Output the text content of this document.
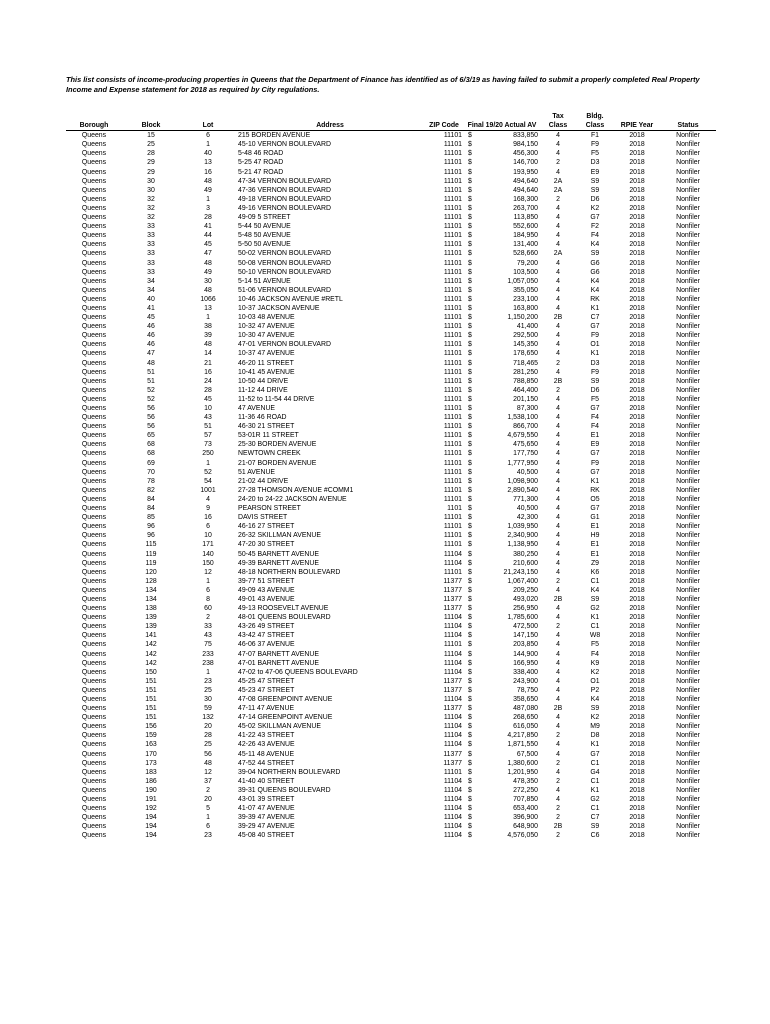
This list consists of income-producing properties in Queens that the Department of Finance has identified as of 6/3/19 as having failed to submit a properly completed Real Property Income and Expense statement for 2018 as required by City regulations.
							Tax	Bldg.		
Borough	Block	Lot	Address	ZIP Code	Final 19/20 Actual AV		Class	Class	RPIE Year	Status
Queens	15	6	215 BORDEN AVENUE	11101	$	833,850	4	F1	2018	Nonfiler
Queens	25	1	45-10 VERNON BOULEVARD	11101	$	984,150	4	F9	2018	Nonfiler
Queens	28	40	5-48 46 ROAD	11101	$	456,300	4	F5	2018	Nonfiler
Queens	29	13	5-25 47 ROAD	11101	$	146,700	2	D3	2018	Nonfiler
Queens	29	16	5-21 47 ROAD	11101	$	193,950	4	E9	2018	Nonfiler
Queens	30	48	47-34 VERNON BOULEVARD	11101	$	494,640	2A	S9	2018	Nonfiler
Queens	30	49	47-36 VERNON BOULEVARD	11101	$	494,640	2A	S9	2018	Nonfiler
Queens	32	1	49-18 VERNON BOULEVARD	11101	$	168,300	2	D6	2018	Nonfiler
Queens	32	3	49-16 VERNON BOULEVARD	11101	$	263,700	4	K2	2018	Nonfiler
Queens	32	28	49-09 5 STREET	11101	$	113,850	4	G7	2018	Nonfiler
Queens	33	41	5-44 50 AVENUE	11101	$	552,600	4	F2	2018	Nonfiler
Queens	33	44	5-48 50 AVENUE	11101	$	184,950	4	F4	2018	Nonfiler
Queens	33	45	5-50 50 AVENUE	11101	$	131,400	4	K4	2018	Nonfiler
Queens	33	47	50-02 VERNON BOULEVARD	11101	$	528,660	2A	S9	2018	Nonfiler
Queens	33	48	50-08 VERNON BOULEVARD	11101	$	79,200	4	G6	2018	Nonfiler
Queens	33	49	50-10 VERNON BOULEVARD	11101	$	103,500	4	G6	2018	Nonfiler
Queens	34	30	5-14 51 AVENUE	11101	$	1,057,050	4	K4	2018	Nonfiler
Queens	34	48	51-06 VERNON BOULEVARD	11101	$	355,050	4	K4	2018	Nonfiler
Queens	40	1066	10-46 JACKSON AVENUE #RETL	11101	$	233,100	4	RK	2018	Nonfiler
Queens	41	13	10-37 JACKSON AVENUE	11101	$	163,800	4	K1	2018	Nonfiler
Queens	45	1	10-03 48 AVENUE	11101	$	1,150,200	2B	C7	2018	Nonfiler
Queens	46	38	10-32 47 AVENUE	11101	$	41,400	4	G7	2018	Nonfiler
Queens	46	39	10-30 47 AVENUE	11101	$	292,500	4	F9	2018	Nonfiler
Queens	46	48	47-01 VERNON BOULEVARD	11101	$	145,350	4	O1	2018	Nonfiler
Queens	47	14	10-37 47 AVENUE	11101	$	178,650	4	K1	2018	Nonfiler
Queens	48	21	46-20 11 STREET	11101	$	718,465	2	D3	2018	Nonfiler
Queens	51	16	10-41 45 AVENUE	11101	$	281,250	4	F9	2018	Nonfiler
Queens	51	24	10-50 44 DRIVE	11101	$	788,850	2B	S9	2018	Nonfiler
Queens	52	28	11-12 44 DRIVE	11101	$	464,400	2	D6	2018	Nonfiler
Queens	52	45	11-52 to 11-54 44 DRIVE	11101	$	201,150	4	F5	2018	Nonfiler
Queens	56	10	47 AVENUE	11101	$	87,300	4	G7	2018	Nonfiler
Queens	56	43	11-36 46 ROAD	11101	$	1,538,100	4	F4	2018	Nonfiler
Queens	56	51	46-30 21 STREET	11101	$	866,700	4	F4	2018	Nonfiler
Queens	65	57	53-01R 11 STREET	11101	$	4,679,550	4	E1	2018	Nonfiler
Queens	68	73	25-30 BORDEN AVENUE	11101	$	475,650	4	E9	2018	Nonfiler
Queens	68	250	NEWTOWN CREEK	11101	$	177,750	4	G7	2018	Nonfiler
Queens	69	1	21-07 BORDEN AVENUE	11101	$	1,777,950	4	F9	2018	Nonfiler
Queens	70	52	51 AVENUE	11101	$	40,500	4	G7	2018	Nonfiler
Queens	78	54	21-02 44 DRIVE	11101	$	1,098,900	4	K1	2018	Nonfiler
Queens	82	1001	27-28 THOMSON AVENUE #COMM1	11101	$	2,890,540	4	RK	2018	Nonfiler
Queens	84	4	24-20 to 24-22 JACKSON AVENUE	11101	$	771,300	4	O5	2018	Nonfiler
Queens	84	9	PEARSON STREET	1101	$	40,500	4	G7	2018	Nonfiler
Queens	85	16	DAVIS STREET	11101	$	42,300	4	G1	2018	Nonfiler
Queens	96	6	46-16 27 STREET	11101	$	1,039,950	4	E1	2018	Nonfiler
Queens	96	10	26-32 SKILLMAN AVENUE	11101	$	2,340,900	4	H9	2018	Nonfiler
Queens	115	171	47-20 30 STREET	11101	$	1,138,950	4	E1	2018	Nonfiler
Queens	119	140	50-45 BARNETT AVENUE	11104	$	380,250	4	E1	2018	Nonfiler
Queens	119	150	49-39 BARNETT AVENUE	11104	$	210,600	4	Z9	2018	Nonfiler
Queens	120	12	48-18 NORTHERN BOULEVARD	11101	$	21,243,150	4	K6	2018	Nonfiler
Queens	128	1	39-77 51 STREET	11377	$	1,067,400	2	C1	2018	Nonfiler
Queens	134	6	49-09 43 AVENUE	11377	$	209,250	4	K4	2018	Nonfiler
Queens	134	8	49-01 43 AVENUE	11377	$	493,020	2B	S9	2018	Nonfiler
Queens	138	60	49-13 ROOSEVELT AVENUE	11377	$	256,950	4	G2	2018	Nonfiler
Queens	139	2	48-01 QUEENS BOULEVARD	11104	$	1,785,600	4	K1	2018	Nonfiler
Queens	139	33	43-26 49 STREET	11104	$	472,500	2	C1	2018	Nonfiler
Queens	141	43	43-42 47 STREET	11104	$	147,150	4	W8	2018	Nonfiler
Queens	142	75	46-06 37 AVENUE	11101	$	203,850	4	F5	2018	Nonfiler
Queens	142	233	47-07 BARNETT AVENUE	11104	$	144,900	4	F4	2018	Nonfiler
Queens	142	238	47-01 BARNETT AVENUE	11104	$	166,950	4	K9	2018	Nonfiler
Queens	150	1	47-02 to 47-06 QUEENS BOULEVARD	11104	$	338,400	4	K2	2018	Nonfiler
Queens	151	23	45-25 47 STREET	11377	$	243,900	4	O1	2018	Nonfiler
Queens	151	25	45-23 47 STREET	11377	$	78,750	4	P2	2018	Nonfiler
Queens	151	30	47-08 GREENPOINT AVENUE	11104	$	358,650	4	K4	2018	Nonfiler
Queens	151	59	47-11 47 AVENUE	11377	$	487,080	2B	S9	2018	Nonfiler
Queens	151	132	47-14 GREENPOINT AVENUE	11104	$	268,650	4	K2	2018	Nonfiler
Queens	156	20	45-02 SKILLMAN AVENUE	11104	$	616,050	4	M9	2018	Nonfiler
Queens	159	28	41-22 43 STREET	11104	$	4,217,850	2	D8	2018	Nonfiler
Queens	163	25	42-26 43 AVENUE	11104	$	1,871,550	4	K1	2018	Nonfiler
Queens	170	56	45-11 48 AVENUE	11377	$	67,500	4	G7	2018	Nonfiler
Queens	173	48	47-52 44 STREET	11377	$	1,380,600	2	C1	2018	Nonfiler
Queens	183	12	39-04 NORTHERN BOULEVARD	11101	$	1,201,950	4	G4	2018	Nonfiler
Queens	186	37	41-40 40 STREET	11104	$	478,350	2	C1	2018	Nonfiler
Queens	190	2	39-31 QUEENS BOULEVARD	11104	$	272,250	4	K1	2018	Nonfiler
Queens	191	20	43-01 39 STREET	11104	$	707,850	4	G2	2018	Nonfiler
Queens	192	5	41-07 47 AVENUE	11104	$	653,400	2	C1	2018	Nonfiler
Queens	194	1	39-39 47 AVENUE	11104	$	396,900	2	C7	2018	Nonfiler
Queens	194	6	39-29 47 AVENUE	11104	$	648,900	2B	S9	2018	Nonfiler
Queens	194	23	45-08 40 STREET	11104	$	4,576,050	2	C6	2018	Nonfiler
